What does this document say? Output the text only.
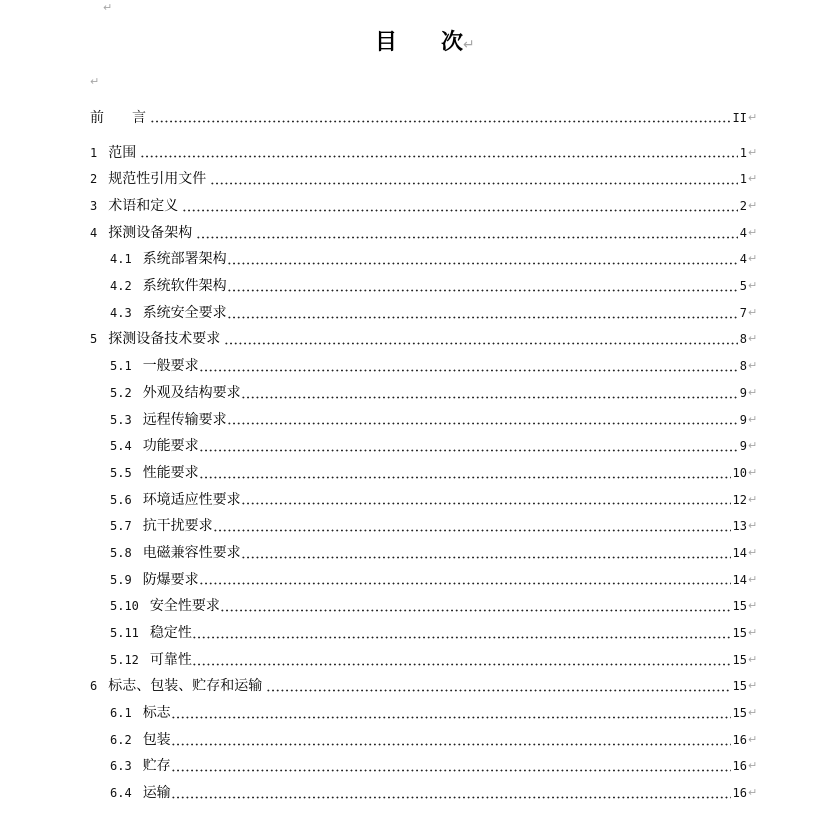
↵
目　　次↵
↵
前　　言	II ↵
1 范围	1 ↵
2 规范性引用文件	1 ↵
3 术语和定义	2 ↵
4 探测设备架构	4 ↵
4.1 系统部署架构	4 ↵
4.2 系统软件架构	5 ↵
4.3 系统安全要求	7 ↵
5 探测设备技术要求	8 ↵
5.1 一般要求	8 ↵
5.2 外观及结构要求	9 ↵
5.3 远程传输要求	9 ↵
5.4 功能要求	9 ↵
5.5 性能要求	10 ↵
5.6 环境适应性要求	12 ↵
5.7 抗干扰要求	13 ↵
5.8 电磁兼容性要求	14 ↵
5.9 防爆要求	14 ↵
5.10 安全性要求	15 ↵
5.11 稳定性	15 ↵
5.12 可靠性	15 ↵
6 标志、包装、贮存和运输	15 ↵
6.1 标志	15 ↵
6.2 包装	16 ↵
6.3 贮存	16 ↵
6.4 运输	16 ↵
